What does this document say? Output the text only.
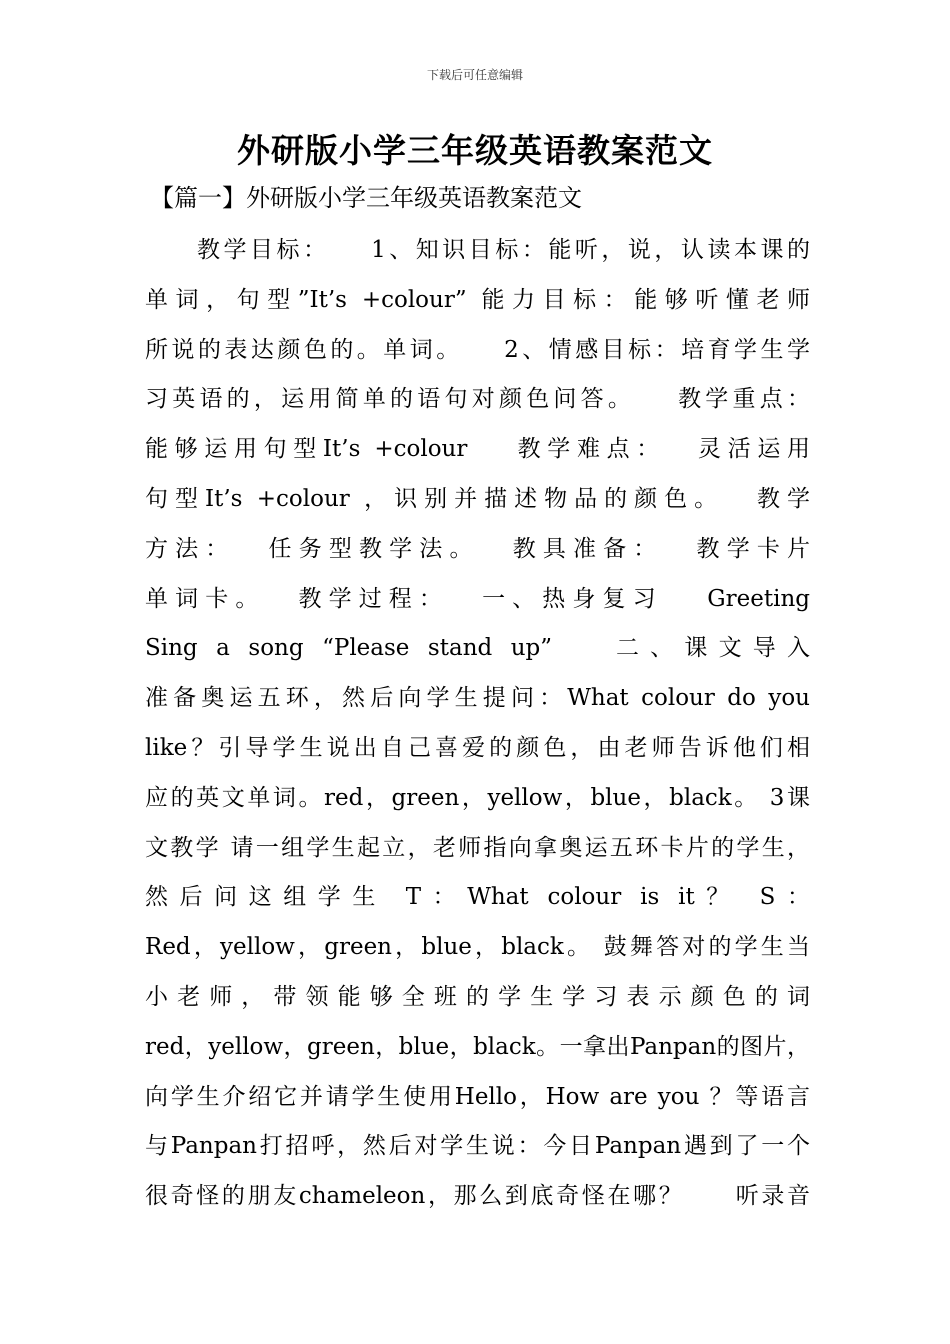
下载后可任意编辑
外研版小学三年级英语教案范文
【篇一】外研版小学三年级英语教案范文
教学目标：　　1、知识目标：能听，说，认读本课的
单词，句型”It’s +colour” 能力目标：能够听懂老师
所说的表达颜色的。单词。　　2、情感目标：培育学生学
习英语的，运用简单的语句对颜色问答。　　教学重点：
能够运用句型It’s +colour　 教学难点：　 灵活运用
句型It’s +colour ，识别并描述物品的颜色。　 教学
方法：　 任务型教学法。　 教具准备：　 教学卡片
单词卡。　 教学过程：　 一、热身复习　 Greeting
Sing a song “Please stand up”　 二、课文导入
准备奥运五环，然后向学生提问：What colour do you
like？引导学生说出自己喜爱的颜色，由老师告诉他们相
应的英文单词。red，green，yellow，blue，black。 3课
文教学 请一组学生起立，老师指向拿奥运五环卡片的学生，
然后问这组学生 T：What colour is it？ S：
Red，yellow，green，blue，black。 鼓舞答对的学生当
小老师，带领能够全班的学生学习表示颜色的词
red，yellow，green，blue，black。一拿出Panpan的图片，
向学生介绍它并请学生使用Hello，How are you ？等语言
与Panpan打招呼，然后对学生说：今日Panpan遇到了一个
很奇怪的朋友chameleon，那么到底奇怪在哪？　　听录音
